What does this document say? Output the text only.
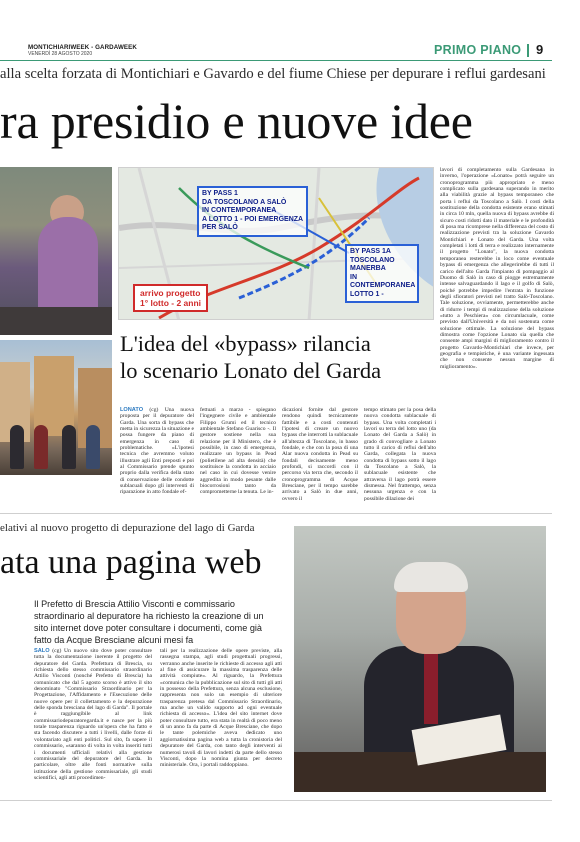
MONTICHIARIWEEK - GARDAWEEK
VENERDÌ 28 AGOSTO 2020	PRIMO PIANO 9
alla scelta forzata di Montichiari e Gavardo e del fiume Chiese per depurare i reflui gardesani
ra presidio e nuove idee
BY PASS 1
DA TOSCOLANO A SALÒ
IN CONTEMPORANEA
A LOTTO 1 - POI EMERGENZA
PER SALÒ
BY PASS 1A
TOSCOLANO
MANERBA
IN
CONTEMPORANEA
LOTTO 1 -
arrivo progetto
1° lotto - 2 anni
L'idea del «bypass» rilancia
lo scenario Lonato del Garda
LONATO (cg) Una nuova proposta per il depuratore del Garda. Una sorta di bypass che metta in sicurezza la situazione e possa fungere da piano di emergenza in caso di problematiche. «L'ipotesi tecnica che avremmo voluto illustrare agli Enti preposti e poi al Commissario prende spunto proprio dalla verifica della stato di conservazione delle condotte sublacuali dopo gli interventi di riparazione in atto fondale ef-
fettuati a marzo - spiegano l'ingegnere civile e ambientale Filippo Grumi ed il tecnico ambientale Stefano Guarisco -. Il gestore sostiene nella sua relazione per il Ministero, che è possibile, in caso di emergenza, realizzare un bypass in Pead (polietilene ad alta densità) che sostituisce la condotta in acciaio nel caso in cui dovesse venire aggredita in modo pesante dalle biocorrosioni tanto da comprometterne la tenuta. Le in-
dicazioni fornite dal gestore rendono quindi tecnicamente fattibile e a costi contenuti l'ipotesi di creare un nuovo bypass che interrotti la sublacuale all'altezza di Toscolano, in basso fondale, e che con la posa di una Alar nuova condotta in Pead su fondali decisamente meno profondi, si raccordi con il percorso via terra che, secondo il cronoprogramma di Acque Bresciane, per il tempo sarebbe arrivato a Salò in due anni, ovvero il
tempo stimato per la posa della nuova condotta sublacuale di bypass. Una volta completati i lavori su terra del lotto uno (da Lonato del Garda a Salò) in grado di convogliare a Lonato tutto il carico di reflui dell'alto Garda, collegata la nuova condotta di bypass sotto il lago da Toscolano a Salò, la sublacuale esistente che attraversa il lago potrà essere dismessa. Nel frattempo, senza nessuna urgenza e con la possibile dilazione dei
lavori di completamento sulla Gardesana in inverno, l'operazione «Lonato» potrà seguire un cronoprogramma più appropriato e meno complicato sulla gardesana superando in merito alla viabilità grazie al bypass temporaneo che porta i reflui da Toscolano a Salò. I costi della sostituzione della condotta esistente erano stimati in circa 10 mln, quella nuova di bypass avrebbe di sicuro costi ridotti dato il materiale e le profondità di posa ma ricomprese nella differenza del costo di realizzazione previsti tra la soluzione Gavardo Montichiari e Lonato del Garda. Una volta completati i lotti di terra e realizzato internamente il progetto "Lonato", la nuova condotta temporanea resterebbe in loco come eventuale bypass di emergenza che allegerirebbe di tutti il carico dell'alto Garda l'impianto di pompaggio al Duomo di Salò in caso di piogge estremamente intense salvaguardando il lago e il golfo di Salò, poiché potrebbe impedire l'entrata in funzione degli sfioratori previsti nel tratto Salò-Toscolano. Tale soluzione, ovviamente, permetterebbe anche di ridurre i tempi di realizzazione della soluzione «tutto a Peschiera» con circumlacuale, come previsto dall'Università e da noi sostenuta come soluzione ottimale. La soluzione del bypass dimostra come l'opzione Lonato sia quella che consente ampi margini di miglioramento contro il progetto Gavardo-Montichiari che invece, per geografia e tempistiche, è una variante ingessata che non consente nessun margine di miglioramento».
elativi al nuovo progetto di depurazione del lago di Garda
ata una pagina web
Il Prefetto di Brescia Attilio Visconti e commissario straordinario al depuratore ha richiesto la creazione di un sito internet dove poter consultare i documenti, come già fatto da Acque Bresciane alcuni mesi fa
SALÒ (cg) Un nuovo sito dove poter consultare tutta la documentazione inerente il progetto del depuratore del Garda. Prefettura di Brescia, su richiesta dello stesso commissario straordinario Attilio Visconti (nonché Prefetto di Brescia) ha comunicato che dal 5 agosto scorso è attivo il sito denominato "Commissario Straordinario per la Progettazione, l'Affidamento e l'Esecuzione delle nuove opere per il collettamento e la depurazione delle sponda bresciana del lago di Garda". Il portale è raggiungibile al link commissariodepuratoregarda.it e nasce per la più totale trasparenza riguardo un'opera che ha fatto e sta facendo discutere a tutti i livelli, dalle forze di volontariato agli enti politici. Sul sito, fa sapere il commissario, «saranno di volta in volta inseriti tutti i documenti ufficiali relativi alla gestione commissariale del depuratore del Garda. In particolare, oltre alle fonti normative sulla istituzione della gestione commissariale, gli studi scientifici, agli atti procedimen-
tali per la realizzazione delle opere previste, alla rassegna stampa, agli studi progettuali progressi, verranno anche inserite le richieste di accesso agli atti al fine di assicurare la massima trasparenza delle attività compiute». Al riguardo, la Prefettura «comunica che la pubblicazione sul sito di tutti gli atti in possesso della Prefettura, senza alcuna esclusione, rappresenta non solo un esempio di ulteriore trasparenza pretesa dal Commissario Straordinario, ma anche un valido supporto ad ogni eventuale richiesta di accesso». L'idea del sito internet dove poter consultare tutto, era stata in realtà di poco meno di un anno fa da parte di Acque Bresciane, che dopo le tante polemiche aveva dedicato uno aggiornatissima pagina web a tutta la cronistoria del depuratore del Garda, con tanto degli interventi ai numerosi tavoli di lavori indetti da parte dello stesso Visconti, dopo la nomina giunta per decreto ministeriale. Ora, i portali raddoppiano.
